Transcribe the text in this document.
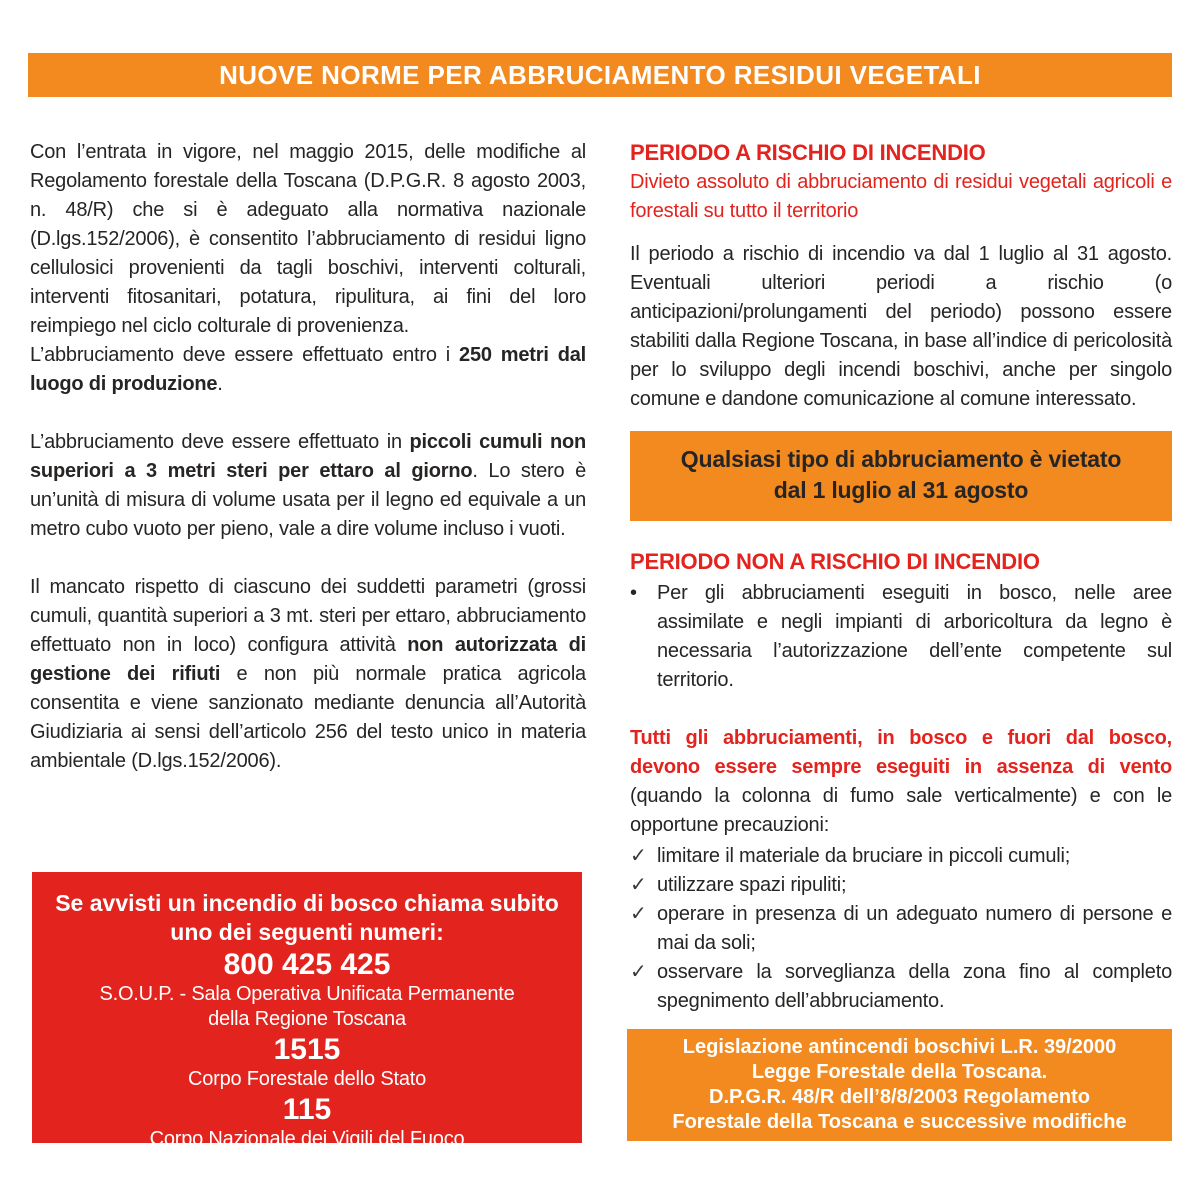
NUOVE NORME PER ABBRUCIAMENTO RESIDUI VEGETALI

Con l’entrata in vigore, nel maggio 2015, delle modifiche al Regolamento forestale della Toscana (D.P.G.R. 8 agosto 2003, n. 48/R) che si è adeguato alla normativa nazionale (D.lgs.152/2006), è consentito l’abbruciamento di residui ligno cellulosici provenienti da tagli boschivi, interventi colturali, interventi fitosanitari, potatura, ripulitura, ai fini del loro reimpiego nel ciclo colturale di provenienza.

L’abbruciamento deve essere effettuato entro i 250 metri dal luogo di produzione.

L’abbruciamento deve essere effettuato in piccoli cumuli non superiori a 3 metri steri per ettaro al giorno. Lo stero è un’unità di misura di volume usata per il legno ed equivale a un metro cubo vuoto per pieno, vale a dire volume incluso i vuoti.

Il mancato rispetto di ciascuno dei suddetti parametri (grossi cumuli, quantità superiori a 3 mt. steri per ettaro, abbruciamento effettuato non in loco) configura attività non autorizzata di gestione dei rifiuti e non più normale pratica agricola consentita e viene sanzionato mediante denuncia all’Autorità Giudiziaria ai sensi dell’articolo 256 del testo unico in materia ambientale (D.lgs.152/2006).

Se avvisti un incendio di bosco chiama subito
uno dei seguenti numeri:
800 425 425
S.O.U.P. - Sala Operativa Unificata Permanente
della Regione Toscana
1515
Corpo Forestale dello Stato
115
Corpo Nazionale dei Vigili del Fuoco
PERIODO A RISCHIO DI INCENDIO

Divieto assoluto di abbruciamento di residui vegetali agricoli e forestali su tutto il territorio

Il periodo a rischio di incendio va dal 1 luglio al 31 agosto. Eventuali ulteriori periodi a rischio (o anticipazioni/prolungamenti del periodo) possono essere stabiliti dalla Regione Toscana, in base all’indice di pericolosità per lo sviluppo degli incendi boschivi, anche per singolo comune e dandone comunicazione al comune interessato.

Qualsiasi tipo di abbruciamento è vietato
dal 1 luglio al 31 agosto
PERIODO NON A RISCHIO DI INCENDIO
•	Per gli abbruciamenti eseguiti in bosco, nelle aree assimilate e negli impianti di arboricoltura da legno è necessaria l’autorizzazione dell’ente competente sul territorio.

Tutti gli abbruciamenti, in bosco e fuori dal bosco, devono essere sempre eseguiti in assenza di vento (quando la colonna di fumo sale verticalmente) e con le opportune precauzioni:

✓ limitare il materiale da bruciare in piccoli cumuli;
✓ utilizzare spazi ripuliti;
✓ operare in presenza di un adeguato numero di persone e mai da soli;
✓ osservare la sorveglianza della zona fino al completo spegnimento dell’abbruciamento.
Legislazione antincendi boschivi L.R. 39/2000
Legge Forestale della Toscana.
D.P.G.R. 48/R dell’8/8/2003 Regolamento
Forestale della Toscana e successive modifiche
